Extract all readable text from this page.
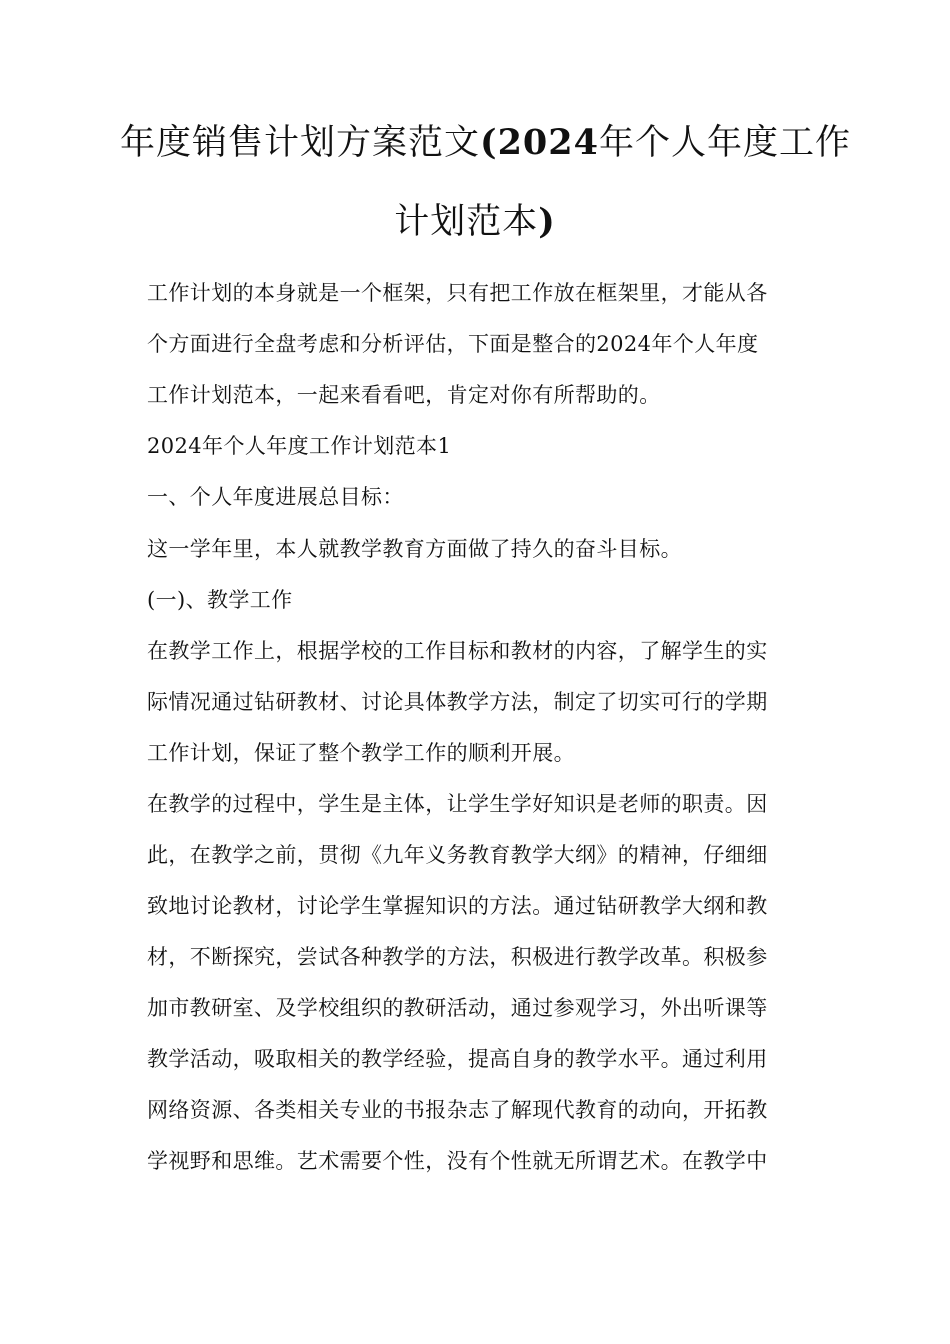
年度销售计划方案范文(2024年个人年度工作
计划范本)
工作计划的本身就是一个框架，只有把工作放在框架里，才能从各
个方面进行全盘考虑和分析评估，下面是整合的2024年个人年度
工作计划范本，一起来看看吧，肯定对你有所帮助的。
2024年个人年度工作计划范本1
一、个人年度进展总目标：
这一学年里，本人就教学教育方面做了持久的奋斗目标。
(一)、教学工作
在教学工作上，根据学校的工作目标和教材的内容，了解学生的实
际情况通过钻研教材、讨论具体教学方法，制定了切实可行的学期
工作计划，保证了整个教学工作的顺利开展。
在教学的过程中，学生是主体，让学生学好知识是老师的职责。因
此，在教学之前，贯彻《九年义务教育教学大纲》的精神，仔细细
致地讨论教材，讨论学生掌握知识的方法。通过钻研教学大纲和教
材，不断探究，尝试各种教学的方法，积极进行教学改革。积极参
加市教研室、及学校组织的教研活动，通过参观学习，外出听课等
教学活动，吸取相关的教学经验，提高自身的教学水平。通过利用
网络资源、各类相关专业的书报杂志了解现代教育的动向，开拓教
学视野和思维。艺术需要个性，没有个性就无所谓艺术。在教学中
